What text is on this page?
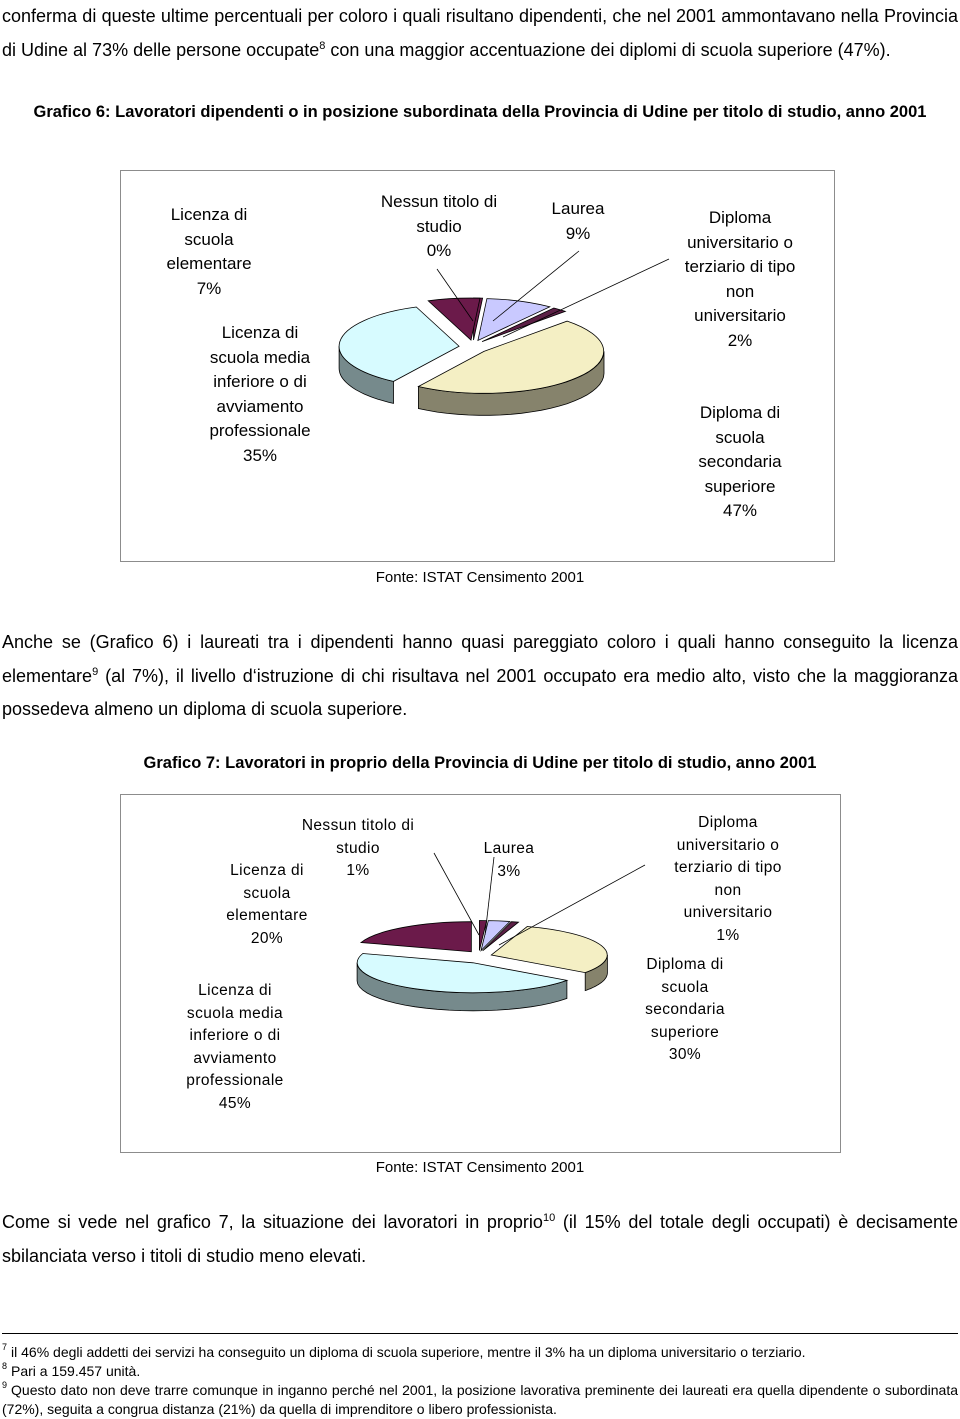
conferma di queste ultime percentuali per coloro i quali risultano dipendenti, che nel 2001 ammontavano nella Provincia di Udine al 73% delle persone occupate$^8$ con una maggior accentuazione dei diplomi di scuola superiore (47%).

Grafico 6: Lavoratori dipendenti o in posizione subordinata della Provincia di Udine per titolo di studio, anno 2001

Licenza di
scuola
elementare
7%
Licenza di
scuola media
inferiore o di
avviamento
professionale
35%
Nessun titolo di
studio
0%
Laurea
9%
Diploma
universitario o
terziario di tipo
non
universitario
2%
Diploma di
scuola
secondaria
superiore
47%
Fonte: ISTAT Censimento 2001

Anche se (Grafico 6) i laureati tra i dipendenti hanno quasi pareggiato coloro i quali hanno conseguito la licenza elementare$^9$ (al 7%), il livello d‘istruzione di chi risultava nel 2001 occupato era medio alto, visto che la maggioranza possedeva almeno un diploma di scuola superiore.

Grafico 7: Lavoratori in proprio della Provincia di Udine per titolo di studio, anno 2001

Nessun titolo di
studio
1%
Laurea
3%
Diploma
universitario o
terziario di tipo
non
universitario
1%
Licenza di
scuola
elementare
20%
Diploma di
scuola
secondaria
superiore
30%
Licenza di
scuola media
inferiore o di
avviamento
professionale
45%
Fonte: ISTAT Censimento 2001

Come si vede nel grafico 7, la situazione dei lavoratori in proprio$^{10}$ (il 15% del totale degli occupati) è decisamente sbilanciata verso i titoli di studio meno elevati.

$^7$ il 46% degli addetti dei servizi ha conseguito un diploma di scuola superiore, mentre il 3% ha un diploma universitario o terziario.

$^8$ Pari a 159.457 unità.

$^9$ Questo dato non deve trarre comunque in inganno perché nel 2001, la posizione lavorativa preminente dei laureati era quella dipendente o subordinata (72%), seguita a congrua distanza (21%) da quella di imprenditore o libero professionista.
